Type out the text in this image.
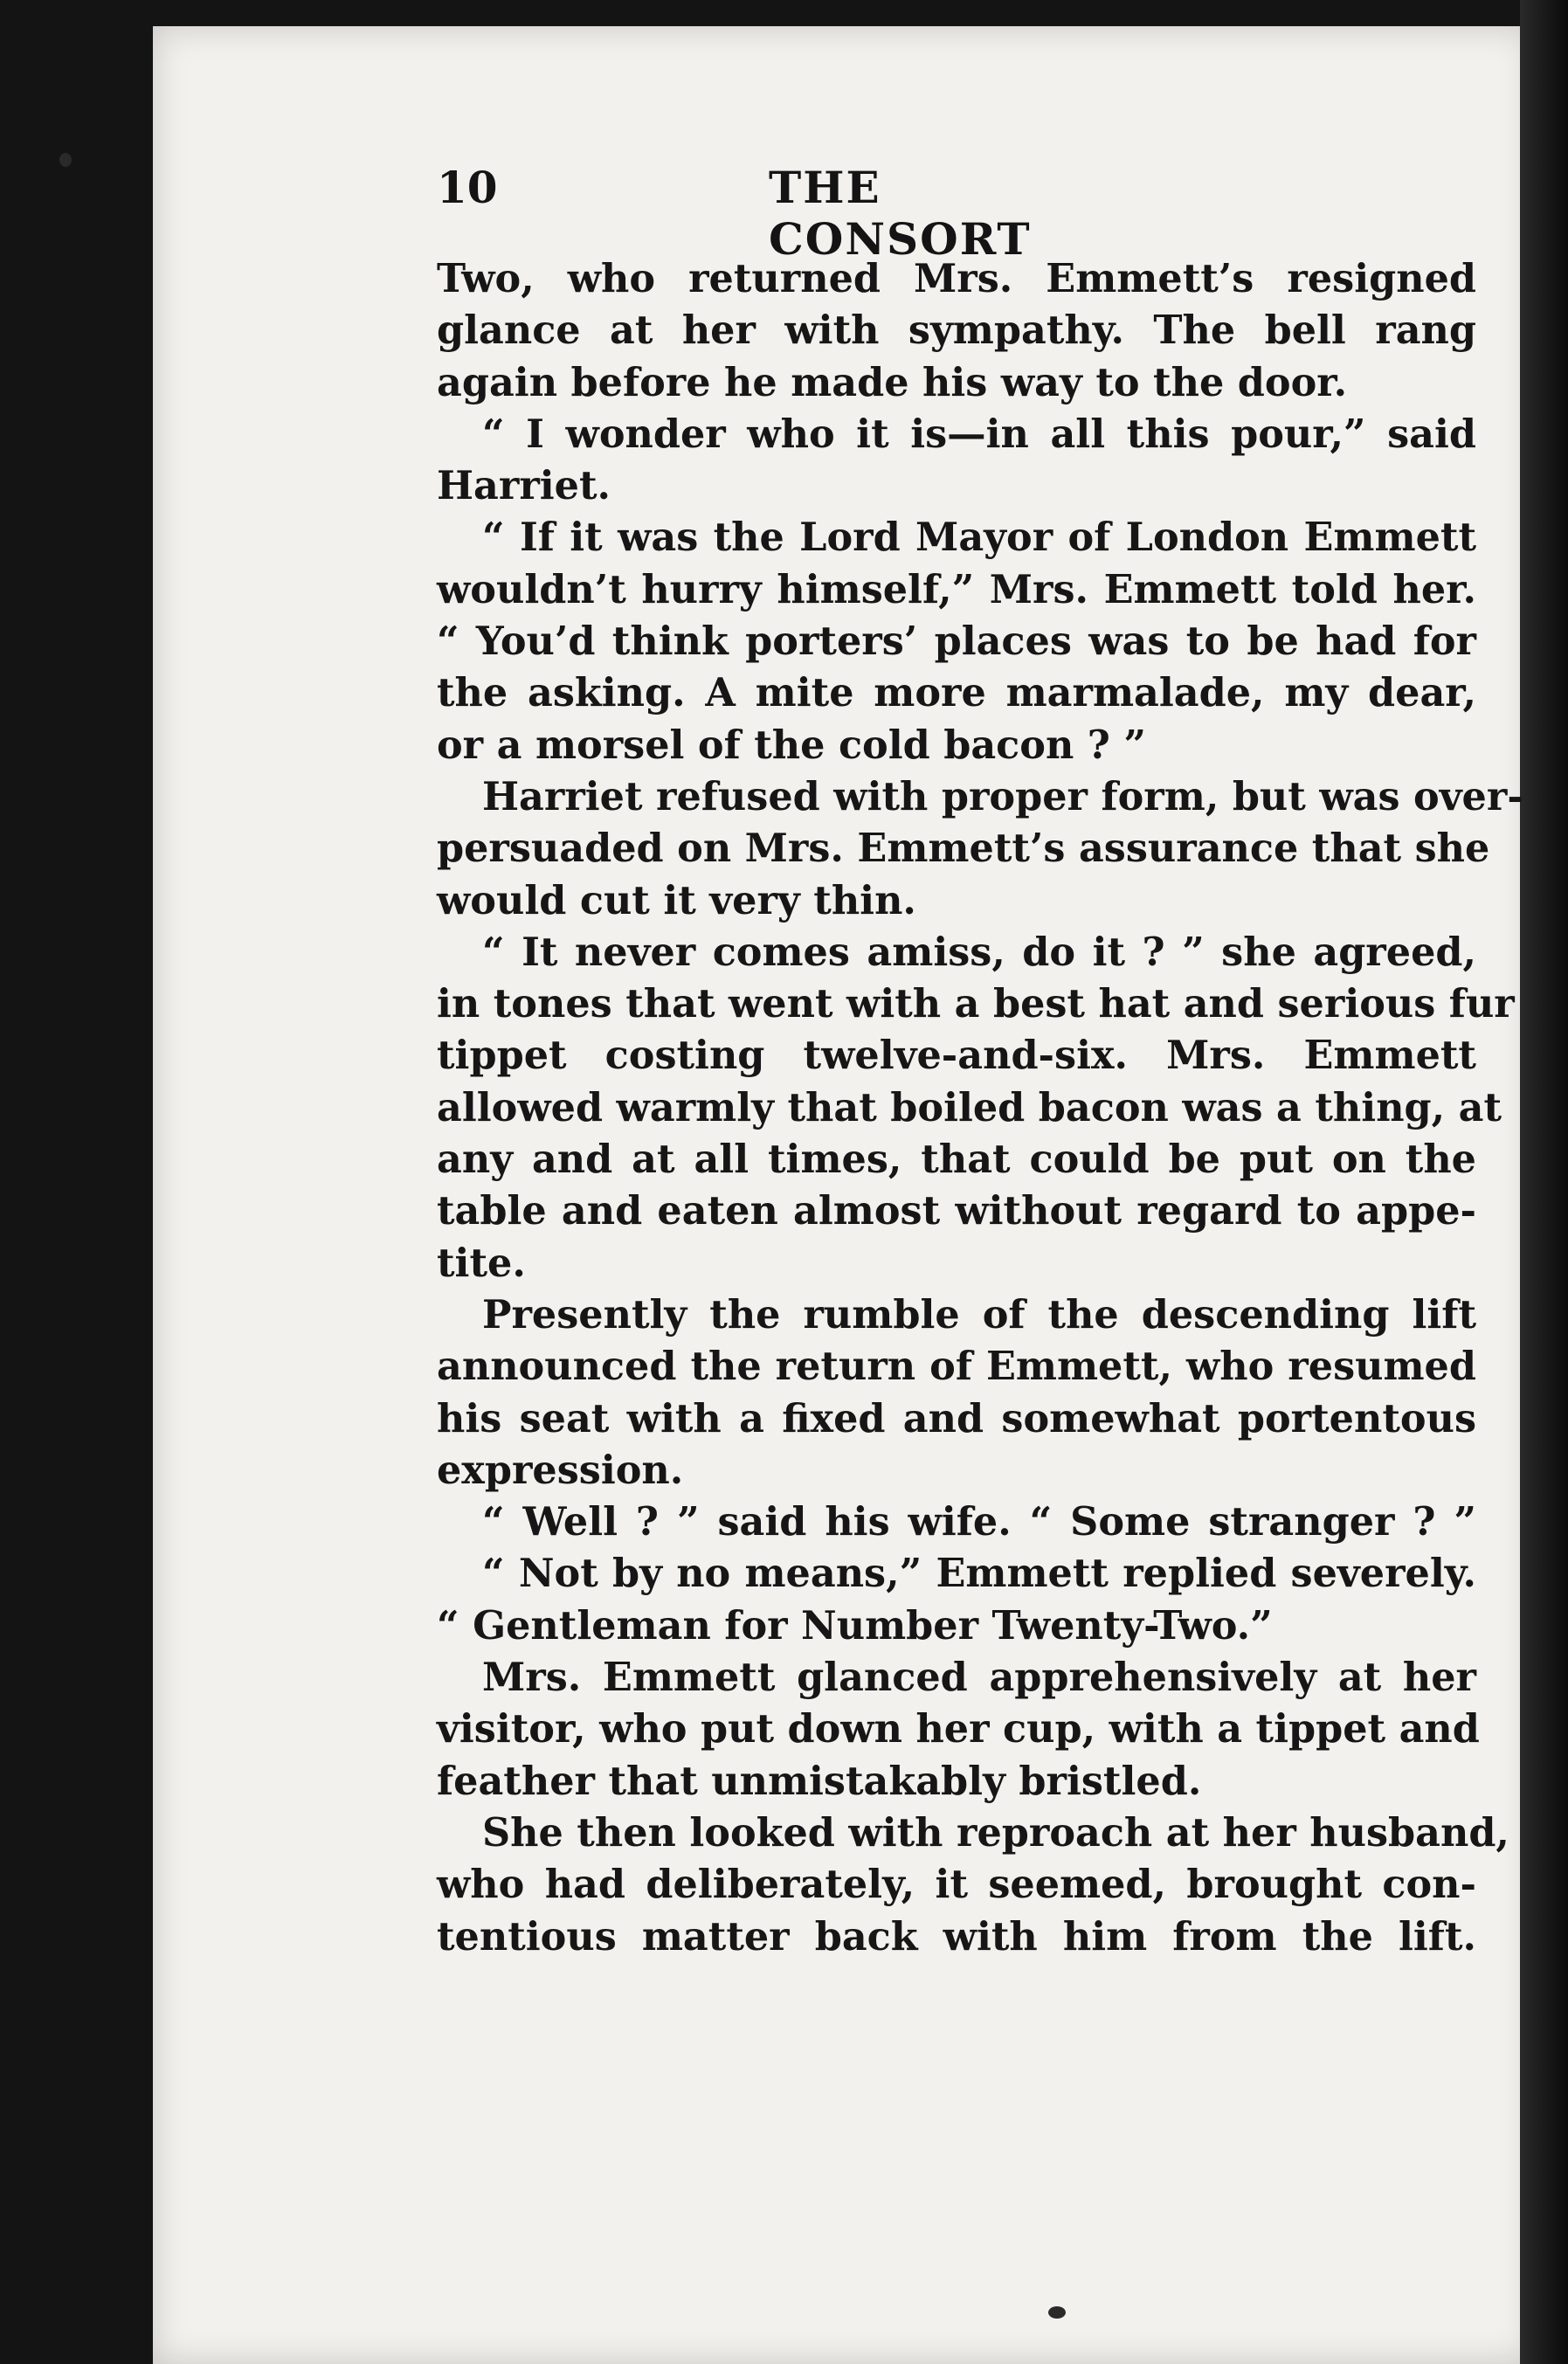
10	THE CONSORT
Two, who returned Mrs. Emmett’s resigned
glance at her with sympathy. The bell rang
again before he made his way to the door.
“ I wonder who it is—in all this pour,” said
Harriet.
“ If it was the Lord Mayor of London Emmett
wouldn’t hurry himself,” Mrs. Emmett told her.
“ You’d think porters’ places was to be had for
the asking. A mite more marmalade, my dear,
or a morsel of the cold bacon ? ”
Harriet refused with proper form, but was over-
persuaded on Mrs. Emmett’s assurance that she
would cut it very thin.
“ It never comes amiss, do it ? ” she agreed,
in tones that went with a best hat and serious fur
tippet costing twelve-and-six. Mrs. Emmett
allowed warmly that boiled bacon was a thing, at
any and at all times, that could be put on the
table and eaten almost without regard to appe-
tite.
Presently the rumble of the descending lift
announced the return of Emmett, who resumed
his seat with a fixed and somewhat portentous
expression.
“ Well ? ” said his wife. “ Some stranger ? ”
“ Not by no means,” Emmett replied severely.
“ Gentleman for Number Twenty-Two.”
Mrs. Emmett glanced apprehensively at her
visitor, who put down her cup, with a tippet and
feather that unmistakably bristled.
She then looked with reproach at her husband,
who had deliberately, it seemed, brought con-
tentious matter back with him from the lift.
